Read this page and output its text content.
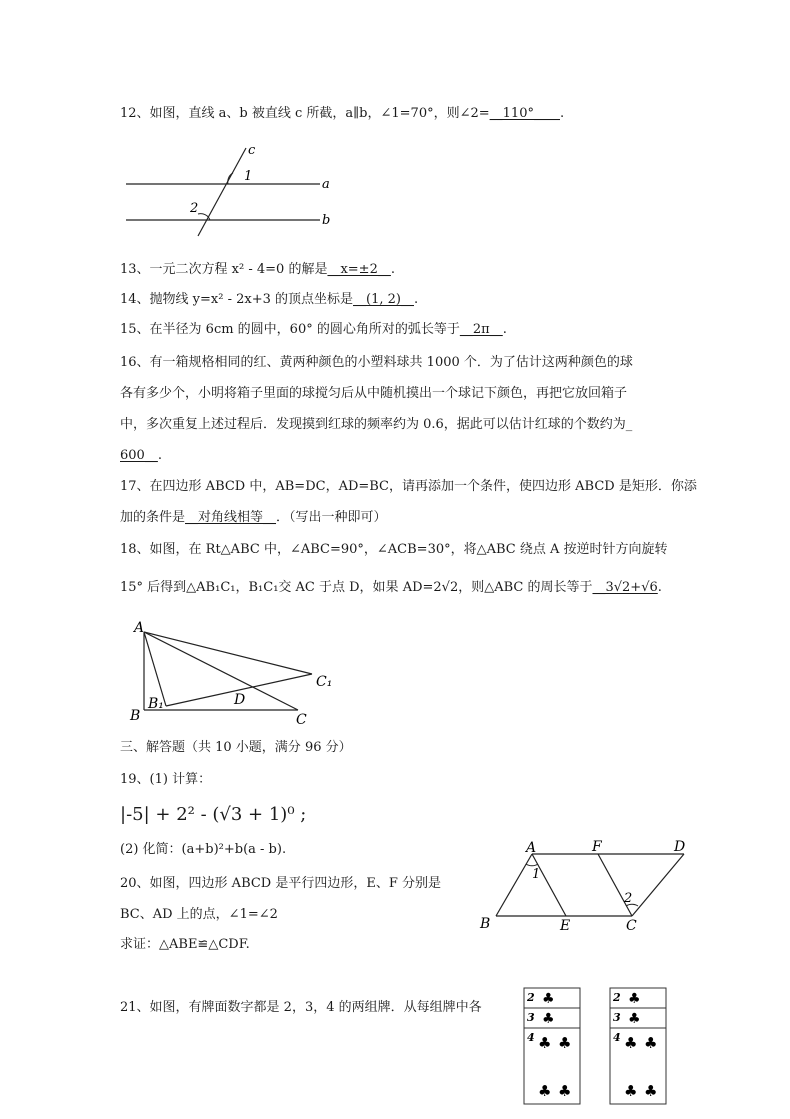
12、如图，直线 a、b 被直线 c 所截，a∥b，∠1=70°，则∠2=__110°____.
c
1
a
2
b
13、一元二次方程 x² - 4=0 的解是__x=±2__.
14、抛物线 y=x² - 2x+3 的顶点坐标是__(1, 2)__.
15、在半径为 6cm 的圆中，60° 的圆心角所对的弧长等于__2π__.
16、有一箱规格相同的红、黄两种颜色的小塑料球共 1000 个．为了估计这两种颜色的球
各有多少个，小明将箱子里面的球搅匀后从中随机摸出一个球记下颜色，再把它放回箱子
中，多次重复上述过程后．发现摸到红球的频率约为 0.6，据此可以估计红球的个数约为_
600__.
17、在四边形 ABCD 中，AB=DC，AD=BC，请再添加一个条件，使四边形 ABCD 是矩形．你添
加的条件是__对角线相等__．（写出一种即可）
18、如图，在 Rt△ABC 中，∠ABC=90°，∠ACB=30°，将△ABC 绕点 A 按逆时针方向旋转
15° 后得到△AB₁C₁，B₁C₁交 AC 于点 D，如果 AD=2√2，则△ABC 的周长等于__3√2+√6.
A
B₁
B
D
C
C₁
三、解答题（共 10 小题，满分 96 分）
19、(1) 计算：
|-5| + 2² - (√3 + 1)⁰ ;
(2) 化简：(a+b)²+b(a - b).
20、如图，四边形 ABCD 是平行四边形，E、F 分别是
BC、AD 上的点，∠1=∠2
求证：△ABE≌△CDF.
A	F	D
1
2
B	E	C
21、如图，有牌面数字都是 2，3，4 的两组牌．从每组牌中各
2 ♣
3 ♣
4 ♣ ♣
♣ ♣
2 ♣
3 ♣
4 ♣ ♣
♣ ♣
